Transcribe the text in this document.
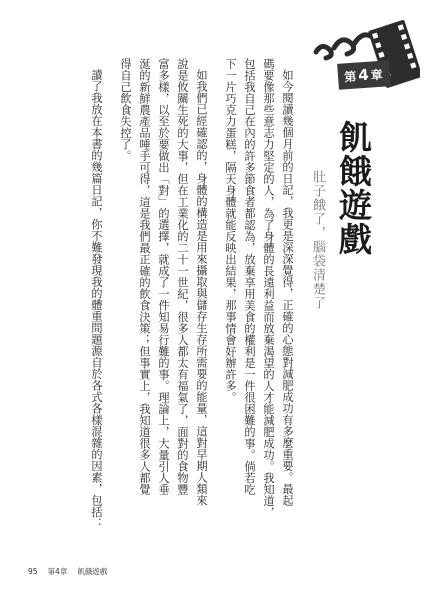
第 4 章
飢餓遊戲
肚子餓了，腦袋清楚了

如今閱讀幾個月前的日記，我更是深深覺得，正確的心態對減肥成功有多麼重要。最起

碼要像那些意志力堅定的人，為了身體的長遠利益而放棄渴望的人才能減肥成功。我知道，

包括我自己在內的許多節食者都認為，放棄享用美食的權利是一件很困難的事。倘若吃

下一片巧克力蛋糕，隔天身體就能反映出結果，那事情會好辦許多。

如我們已經確認的，身體的構造是用來攝取與儲存生存所需要的能量，這對早期人類來

說是攸關生死的大事，但在工業化的二十一世紀，很多人都太有福氣了，面對的食物豐

富多樣，以至於要做出「對」的選擇，就成了一件知易行難的事。理論上，大量引人垂

涎的新鮮農產品唾手可得，這是我們最正確的飲食決策；但事實上，我知道很多人都覺

得自己飲食失控了。

讀了我放在本書的幾篇日記，你不難發現我的體重問題源自於各式各樣混雜的因素，包括：

95 第4章 飢餓遊戲
